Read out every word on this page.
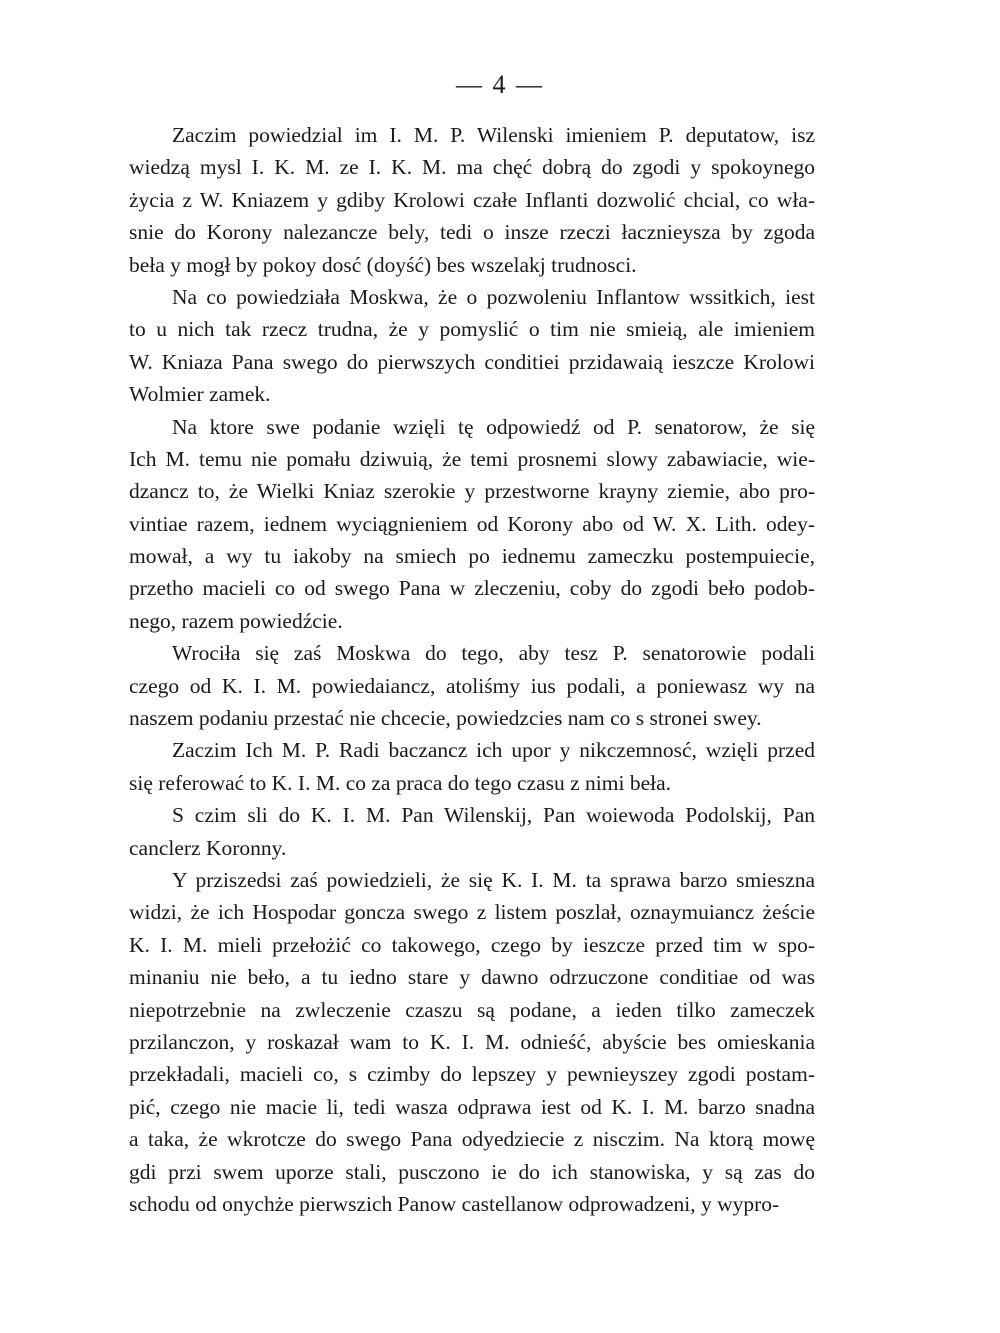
— 4 —
Zaczim powiedzial im I. M. P. Wilenski imieniem P. deputatow, isz
wiedzą mysl I. K. M. ze I. K. M. ma chęć dobrą do zgodi y spokoynego
życia z W. Kniazem y gdiby Krolowi czałe Inflanti dozwolić chcial, co wła-
snie do Korony nalezancze bely, tedi o insze rzeczi łacznieysza by zgoda
beła y mogł by pokoy dosć (doyść) bes wszelakj trudnosci.
Na co powiedziała Moskwa, że o pozwoleniu Inflantow wssitkich, iest
to u nich tak rzecz trudna, że y pomyslić o tim nie smieią, ale imieniem
W. Kniaza Pana swego do pierwszych conditiei przidawaią ieszcze Krolowi
Wolmier zamek.
Na ktore swe podanie wzięli tę odpowiedź od P. senatorow, że się
Ich M. temu nie pomału dziwuią, że temi prosnemi slowy zabawiacie, wie-
dzancz to, że Wielki Kniaz szerokie y przestworne krayny ziemie, abo pro-
vintiae razem, iednem wyciągnieniem od Korony abo od W. X. Lith. odey-
mował, a wy tu iakoby na smiech po iednemu zameczku postempuiecie,
przetho macieli co od swego Pana w zleczeniu, coby do zgodi beło podob-
nego, razem powiedźcie.
Wrociła się zaś Moskwa do tego, aby tesz P. senatorowie podali
czego od K. I. M. powiedaiancz, atoliśmy ius podali, a poniewasz wy na
naszem podaniu przestać nie chcecie, powiedzcies nam co s stronei swey.
Zaczim Ich M. P. Radi baczancz ich upor y nikczemnosć, wzięli przed
się referować to K. I. M. co za praca do tego czasu z nimi beła.
S czim sli do K. I. M. Pan Wilenskij, Pan woiewoda Podolskij, Pan
canclerz Koronny.
Y prziszedsi zaś powiedzieli, że się K. I. M. ta sprawa barzo smieszna
widzi, że ich Hospodar goncza swego z listem poszlał, oznaymuiancz żeście
K. I. M. mieli przełożić co takowego, czego by ieszcze przed tim w spo-
minaniu nie beło, a tu iedno stare y dawno odrzuczone conditiae od was
niepotrzebnie na zwleczenie czaszu są podane, a ieden tilko zameczek
przilanczon, y roskazał wam to K. I. M. odnieść, abyście bes omieskania
przekładali, macieli co, s czimby do lepszey y pewnieyszey zgodi postam-
pić, czego nie macie li, tedi wasza odprawa iest od K. I. M. barzo snadna
a taka, że wkrotcze do swego Pana odyedziecie z nisczim. Na ktorą mowę
gdi przi swem uporze stali, pusczono ie do ich stanowiska, y są zas do
schodu od onychże pierwszich Panow castellanow odprowadzeni, y wypro-
